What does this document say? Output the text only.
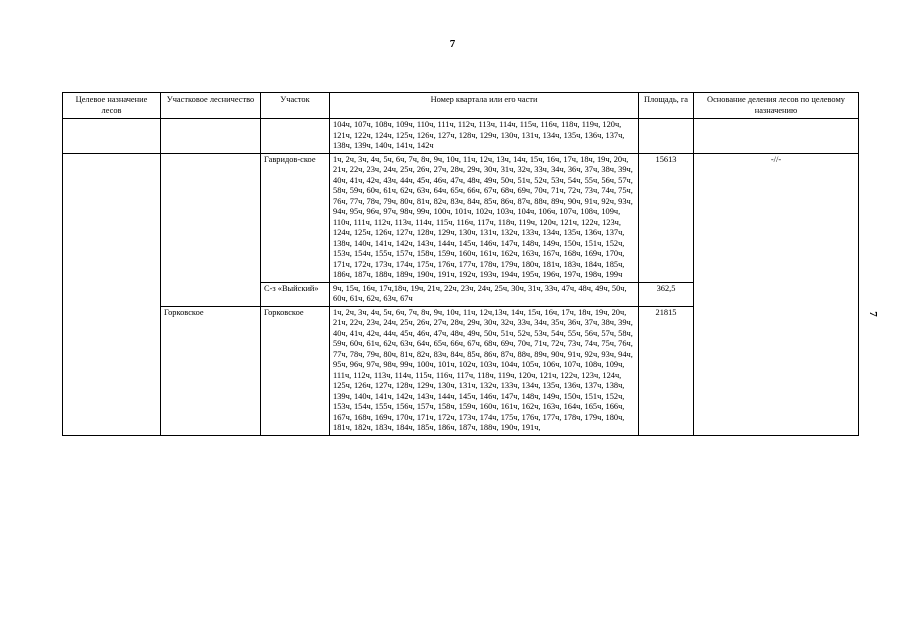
7
Целевое назначение лесов	Участковое лесничество	Участок	Номер квартала или его части	Площадь, га	Основание деления лесов по целевому назначению
			104ч, 107ч, 108ч, 109ч, 110ч, 111ч, 112ч, 113ч, 114ч, 115ч, 116ч, 118ч, 119ч, 120ч, 121ч, 122ч, 124ч, 125ч, 126ч, 127ч, 128ч, 129ч, 130ч, 131ч, 134ч, 135ч, 136ч, 137ч, 138ч, 139ч, 140ч, 141ч, 142ч		
		Гавридов-ское	1ч, 2ч, 3ч, 4ч, 5ч, 6ч, 7ч, 8ч, 9ч, 10ч, 11ч, 12ч, 13ч, 14ч, 15ч, 16ч, 17ч, 18ч, 19ч, 20ч, 21ч, 22ч, 23ч, 24ч, 25ч, 26ч, 27ч, 28ч, 29ч, 30ч, 31ч, 32ч, 33ч, 34ч, 36ч, 37ч, 38ч, 39ч, 40ч, 41ч, 42ч, 43ч, 44ч, 45ч, 46ч, 47ч, 48ч, 49ч, 50ч, 51ч, 52ч, 53ч, 54ч, 55ч, 56ч, 57ч, 58ч, 59ч, 60ч, 61ч, 62ч, 63ч, 64ч, 65ч, 66ч, 67ч, 68ч, 69ч, 70ч, 71ч, 72ч, 73ч, 74ч, 75ч, 76ч, 77ч, 78ч, 79ч, 80ч, 81ч, 82ч, 83ч, 84ч, 85ч, 86ч, 87ч, 88ч, 89ч, 90ч, 91ч, 92ч, 93ч, 94ч, 95ч, 96ч, 97ч, 98ч, 99ч, 100ч, 101ч, 102ч, 103ч, 104ч, 106ч, 107ч, 108ч, 109ч, 110ч, 111ч, 112ч, 113ч, 114ч, 115ч, 116ч, 117ч, 118ч, 119ч, 120ч, 121ч, 122ч, 123ч, 124ч, 125ч, 126ч, 127ч, 128ч, 129ч, 130ч, 131ч, 132ч, 133ч, 134ч, 135ч, 136ч, 137ч, 138ч, 140ч, 141ч, 142ч, 143ч, 144ч, 145ч, 146ч, 147ч, 148ч, 149ч, 150ч, 151ч, 152ч, 153ч, 154ч, 155ч, 157ч, 158ч, 159ч, 160ч, 161ч, 162ч, 163ч, 167ч, 168ч, 169ч, 170ч, 171ч, 172ч, 173ч, 174ч, 175ч, 176ч, 177ч, 178ч, 179ч, 180ч, 181ч, 183ч, 184ч, 185ч, 186ч, 187ч, 188ч, 189ч, 190ч, 191ч, 192ч, 193ч, 194ч, 195ч, 196ч, 197ч, 198ч, 199ч	15613	-//-
		С-з «Выйский»	9ч, 15ч, 16ч, 17ч,18ч, 19ч, 21ч, 22ч, 23ч, 24ч, 25ч, 30ч, 31ч, 33ч, 47ч, 48ч, 49ч, 50ч, 60ч, 61ч, 62ч, 63ч, 67ч	362,5	
	Горковское	Горковское	1ч, 2ч, 3ч, 4ч, 5ч, 6ч, 7ч, 8ч, 9ч, 10ч, 11ч, 12ч,13ч, 14ч, 15ч, 16ч, 17ч, 18ч, 19ч, 20ч, 21ч, 22ч, 23ч, 24ч, 25ч, 26ч, 27ч, 28ч, 29ч, 30ч, 32ч, 33ч, 34ч, 35ч, 36ч, 37ч, 38ч, 39ч, 40ч, 41ч, 42ч, 44ч, 45ч, 46ч, 47ч, 48ч, 49ч, 50ч, 51ч, 52ч, 53ч, 54ч, 55ч, 56ч, 57ч, 58ч, 59ч, 60ч, 61ч, 62ч, 63ч, 64ч, 65ч, 66ч, 67ч, 68ч, 69ч, 70ч, 71ч, 72ч, 73ч, 74ч, 75ч, 76ч, 77ч, 78ч, 79ч, 80ч, 81ч, 82ч, 83ч, 84ч, 85ч, 86ч, 87ч, 88ч, 89ч, 90ч, 91ч, 92ч, 93ч, 94ч, 95ч, 96ч, 97ч, 98ч, 99ч, 100ч, 101ч, 102ч, 103ч, 104ч, 105ч, 106ч, 107ч, 108ч, 109ч, 111ч, 112ч, 113ч, 114ч, 115ч, 116ч, 117ч, 118ч, 119ч, 120ч, 121ч, 122ч, 123ч, 124ч, 125ч, 126ч, 127ч, 128ч, 129ч, 130ч, 131ч, 132ч, 133ч, 134ч, 135ч, 136ч, 137ч, 138ч, 139ч, 140ч, 141ч, 142ч, 143ч, 144ч, 145ч, 146ч, 147ч, 148ч, 149ч, 150ч, 151ч, 152ч, 153ч, 154ч, 155ч, 156ч, 157ч, 158ч, 159ч, 160ч, 161ч, 162ч, 163ч, 164ч, 165ч, 166ч, 167ч, 168ч, 169ч, 170ч, 171ч, 172ч, 173ч, 174ч, 175ч, 176ч, 177ч, 178ч, 179ч, 180ч, 181ч, 182ч, 183ч, 184ч, 185ч, 186ч, 187ч, 188ч, 190ч, 191ч,	21815		7
